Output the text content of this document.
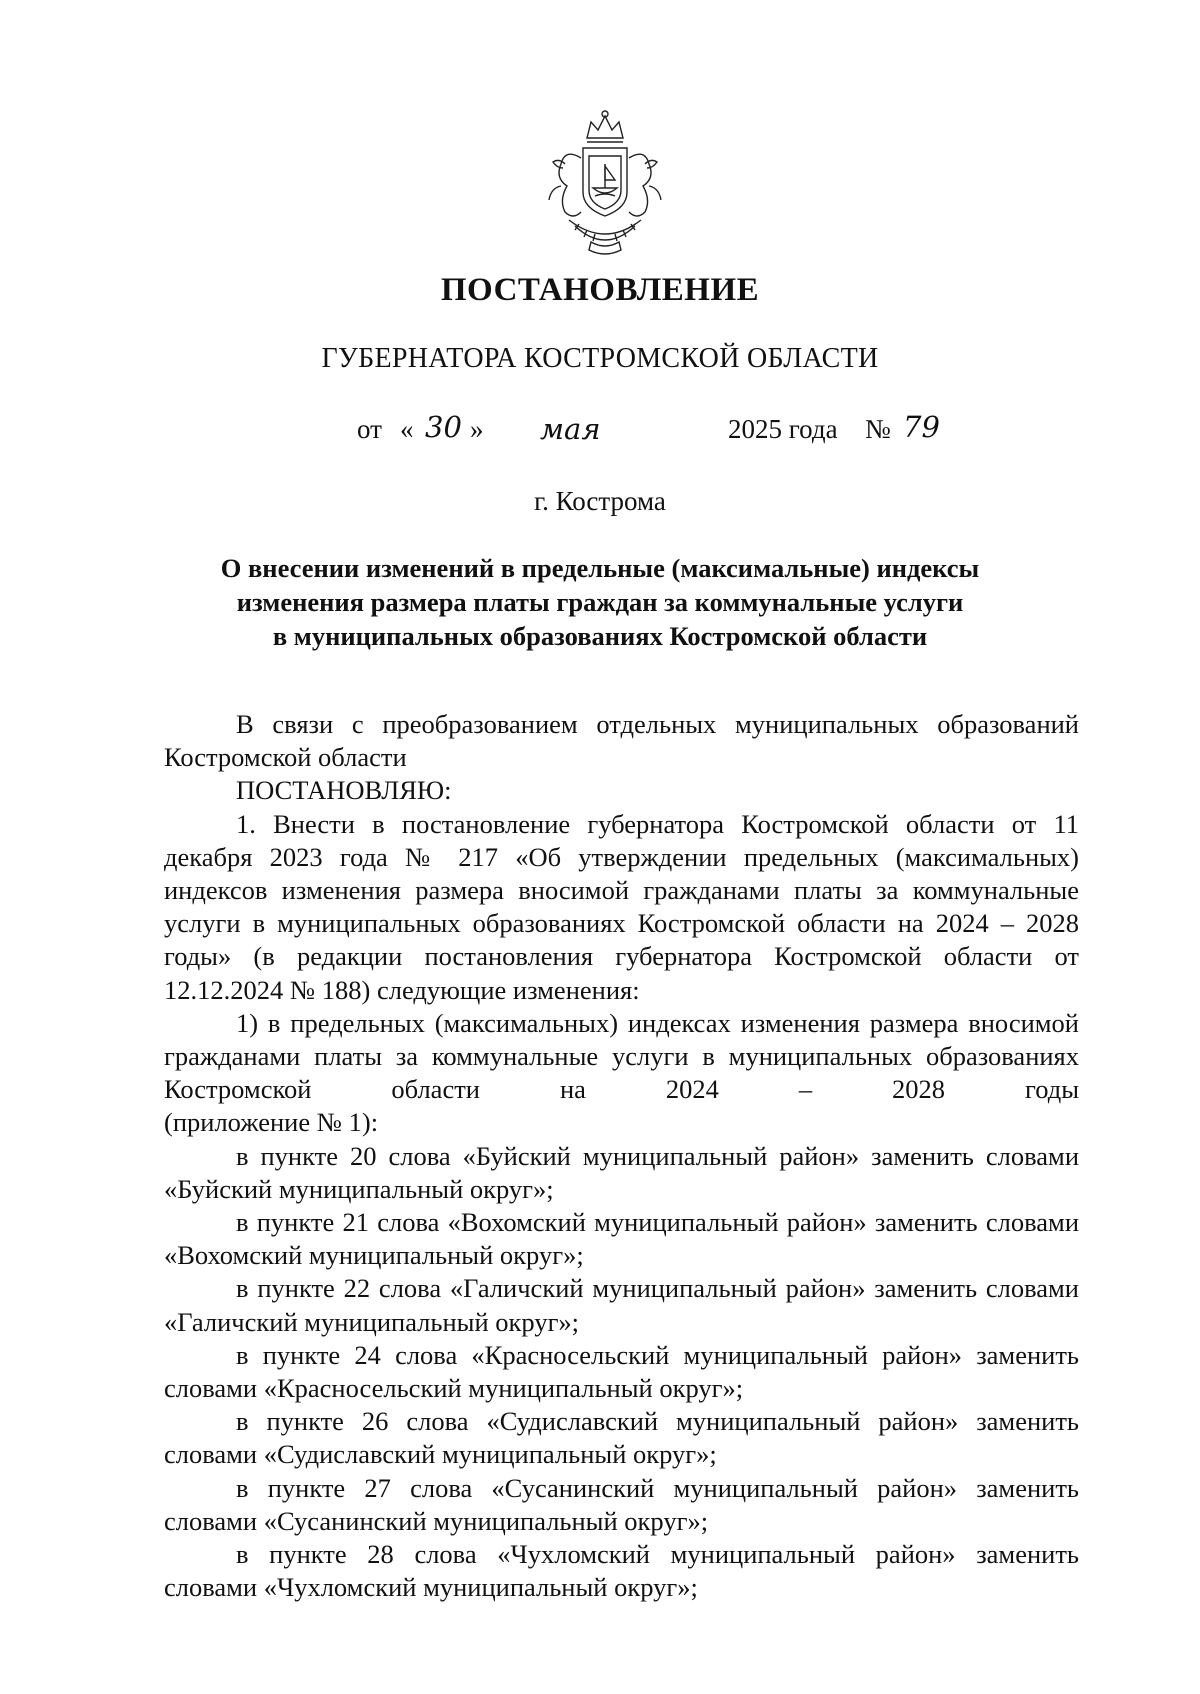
ПОСТАНОВЛЕНИЕ
ГУБЕРНАТОРА КОСТРОМСКОЙ ОБЛАСТИ
от « 30 » мая	2025 года № 79
г. Кострома
О внесении изменений в предельные (максимальные) индексы
изменения размера платы граждан за коммунальные услуги
в муниципальных образованиях Костромской области

В связи с преобразованием отдельных муниципальных образований Костромской области

ПОСТАНОВЛЯЮ:

1. Внести в постановление губернатора Костромской области от 11 декабря 2023 года № 217 «Об утверждении предельных (максимальных) индексов изменения размера вносимой гражданами платы за коммунальные услуги в муниципальных образованиях Костромской области на 2024 – 2028 годы» (в редакции постановления губернатора Костромской области от 12.12.2024 № 188) следующие изменения:

1) в предельных (максимальных) индексах изменения размера вносимой гражданами платы за коммунальные услуги в муниципальных образованиях Костромской области на 2024 – 2028 годы

(приложение № 1):

в пункте 20 слова «Буйский муниципальный район» заменить словами «Буйский муниципальный округ»;

в пункте 21 слова «Вохомский муниципальный район» заменить словами «Вохомский муниципальный округ»;

в пункте 22 слова «Галичский муниципальный район» заменить словами «Галичский муниципальный округ»;

в пункте 24 слова «Красносельский муниципальный район» заменить словами «Красносельский муниципальный округ»;

в пункте 26 слова «Судиславский муниципальный район» заменить словами «Судиславский муниципальный округ»;

в пункте 27 слова «Сусанинский муниципальный район» заменить словами «Сусанинский муниципальный округ»;

в пункте 28 слова «Чухломский муниципальный район» заменить словами «Чухломский муниципальный округ»;
